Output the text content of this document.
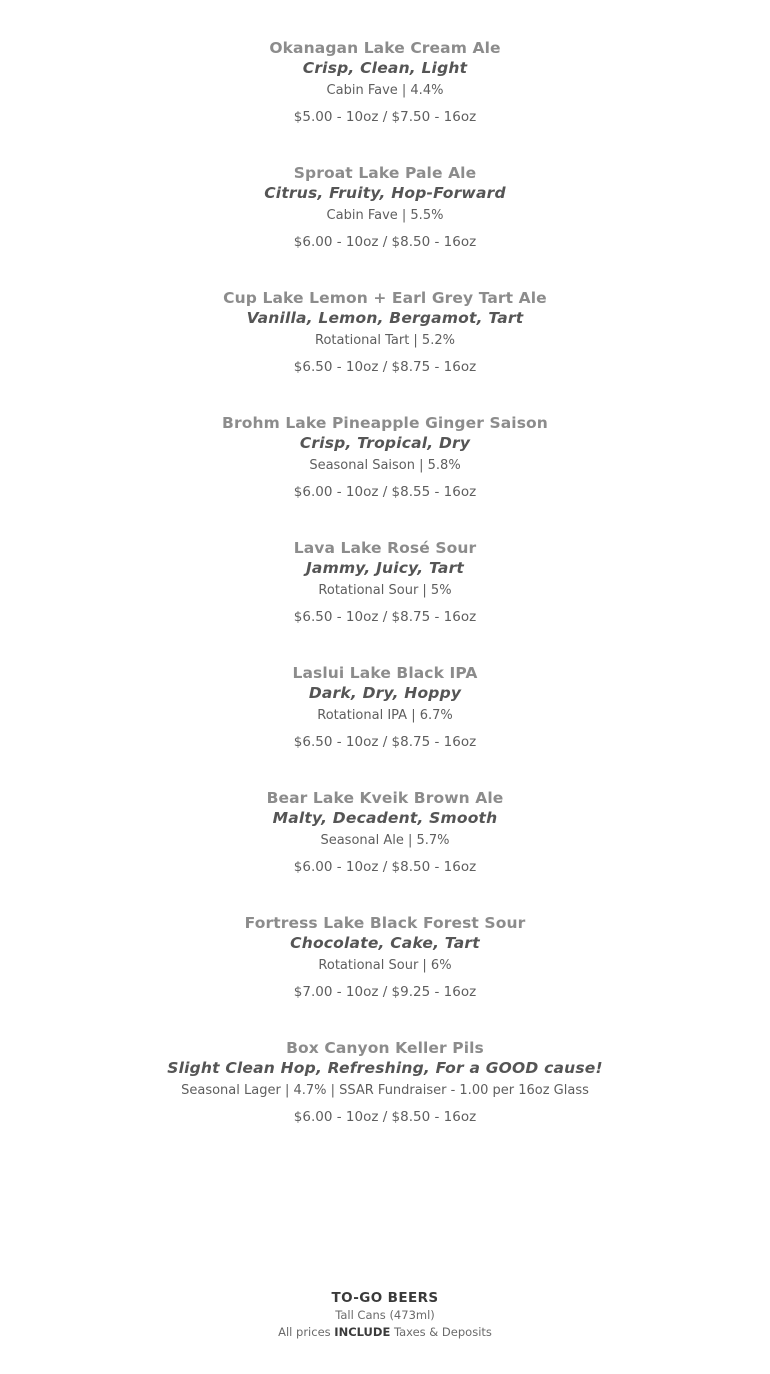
Okanagan Lake Cream Ale
Crisp, Clean, Light
Cabin Fave | 4.4%
$5.00 - 10oz / $7.50 - 16oz
Sproat Lake Pale Ale
Citrus, Fruity, Hop-Forward
Cabin Fave | 5.5%
$6.00 - 10oz / $8.50 - 16oz
Cup Lake Lemon + Earl Grey Tart Ale
Vanilla, Lemon, Bergamot, Tart
Rotational Tart | 5.2%
$6.50 - 10oz / $8.75 - 16oz
Brohm Lake Pineapple Ginger Saison
Crisp, Tropical, Dry
Seasonal Saison | 5.8%
$6.00 - 10oz / $8.55 - 16oz
Lava Lake Rosé Sour
Jammy, Juicy, Tart
Rotational Sour | 5%
$6.50 - 10oz / $8.75 - 16oz
Laslui Lake Black IPA
Dark, Dry, Hoppy
Rotational IPA | 6.7%
$6.50 - 10oz / $8.75 - 16oz
Bear Lake Kveik Brown Ale
Malty, Decadent, Smooth
Seasonal Ale | 5.7%
$6.00 - 10oz / $8.50 - 16oz
Fortress Lake Black Forest Sour
Chocolate, Cake, Tart
Rotational Sour | 6%
$7.00 - 10oz / $9.25 - 16oz
Box Canyon Keller Pils
Slight Clean Hop, Refreshing, For a GOOD cause!
Seasonal Lager | 4.7% | SSAR Fundraiser - 1.00 per 16oz Glass
$6.00 - 10oz / $8.50 - 16oz
TO-GO BEERS
Tall Cans (473ml)
All prices INCLUDE Taxes & Deposits
